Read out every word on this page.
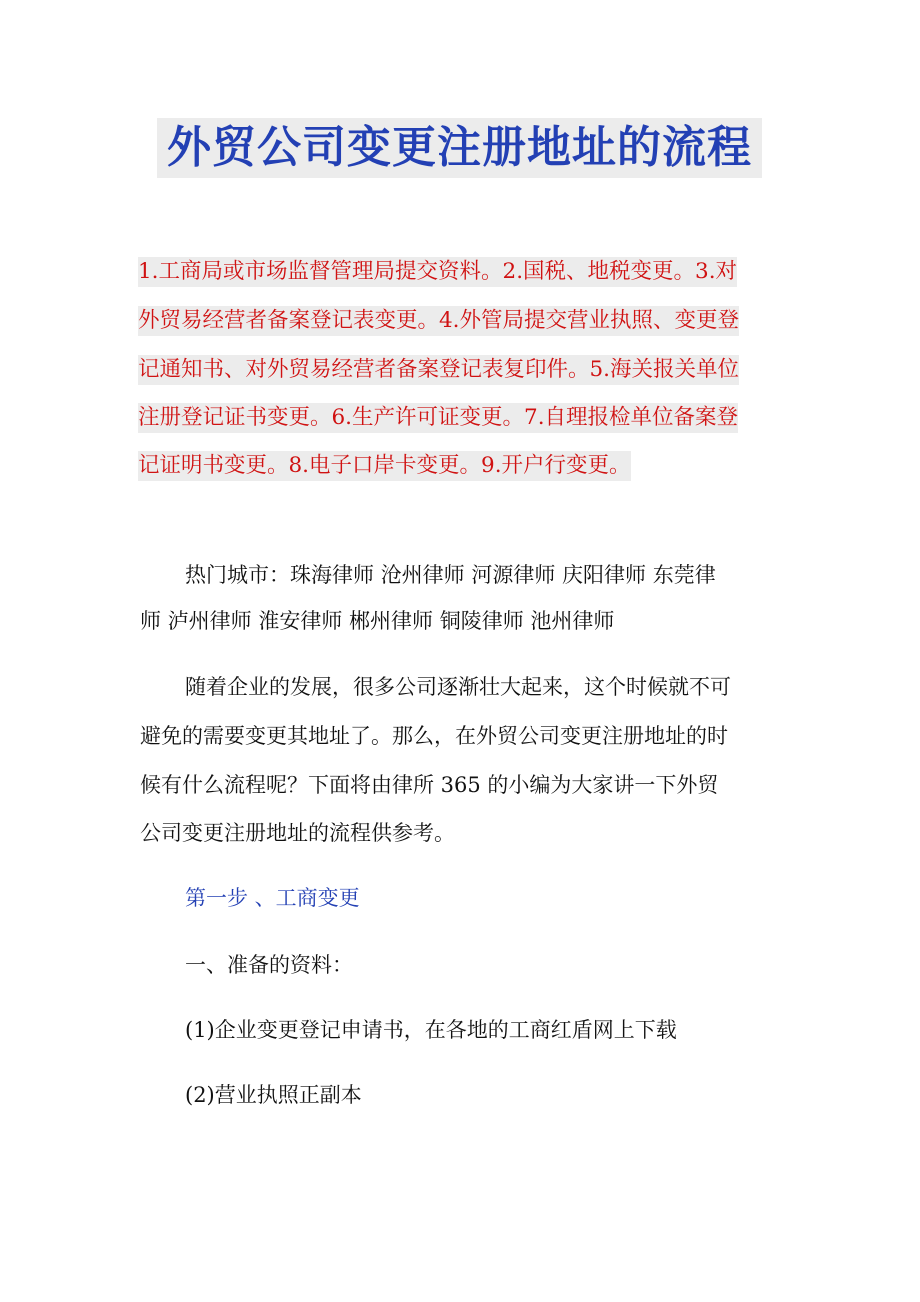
外贸公司变更注册地址的流程
1.工商局或市场监督管理局提交资料。2.国税、地税变更。3.对
外贸易经营者备案登记表变更。4.外管局提交营业执照、变更登
记通知书、对外贸易经营者备案登记表复印件。5.海关报关单位
注册登记证书变更。6.生产许可证变更。7.自理报检单位备案登
记证明书变更。8.电子口岸卡变更。9.开户行变更。
热门城市：珠海律师 沧州律师 河源律师 庆阳律师 东莞律
师 泸州律师 淮安律师 郴州律师 铜陵律师 池州律师
随着企业的发展，很多公司逐渐壮大起来，这个时候就不可
避免的需要变更其地址了。那么，在外贸公司变更注册地址的时
候有什么流程呢？下面将由律所 365 的小编为大家讲一下外贸
公司变更注册地址的流程供参考。
第一步 、工商变更
一、准备的资料：
(1)企业变更登记申请书，在各地的工商红盾网上下载
(2)营业执照正副本
